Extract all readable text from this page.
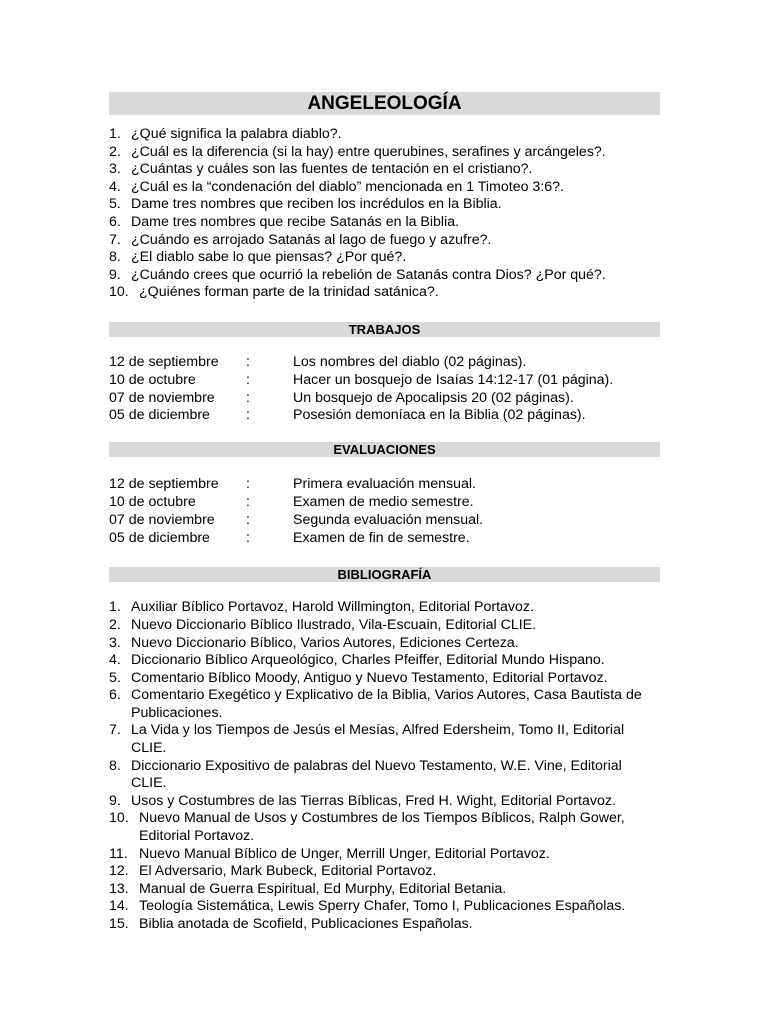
ANGELEOLOGÍA
1. ¿Qué significa la palabra diablo?.
2. ¿Cuál es la diferencia (si la hay) entre querubines, serafines y arcángeles?.
3. ¿Cuántas y cuáles son las fuentes de tentación en el cristiano?.
4. ¿Cuál es la “condenación del diablo” mencionada en 1 Timoteo 3:6?.
5. Dame tres nombres que reciben los incrédulos en la Biblia.
6. Dame tres nombres que recibe Satanás en la Biblia.
7. ¿Cuándo es arrojado Satanás al lago de fuego y azufre?.
8. ¿El diablo sabe lo que piensas? ¿Por qué?.
9. ¿Cuándo crees que ocurrió la rebelión de Satanás contra Dios? ¿Por qué?.
10. ¿Quiénes forman parte de la trinidad satánica?.
TRABAJOS
12 de septiembre	:	Los nombres del diablo (02 páginas).
10 de octubre	:	Hacer un bosquejo de Isaías 14:12-17 (01 página).
07 de noviembre	:	Un bosquejo de Apocalipsis 20 (02 páginas).
05 de diciembre	:	Posesión demoníaca en la Biblia (02 páginas).
EVALUACIONES
12 de septiembre	:	Primera evaluación mensual.
10 de octubre	:	Examen de medio semestre.
07 de noviembre	:	Segunda evaluación mensual.
05 de diciembre	:	Examen de fin de semestre.
BIBLIOGRAFÍA
1. Auxiliar Bíblico Portavoz, Harold Willmington, Editorial Portavoz.
2. Nuevo Diccionario Bíblico Ilustrado, Vila-Escuain, Editorial CLIE.
3. Nuevo Diccionario Bíblico, Varios Autores, Ediciones Certeza.
4. Diccionario Bíblico Arqueológico, Charles Pfeiffer, Editorial Mundo Hispano.
5. Comentario Bíblico Moody, Antiguo y Nuevo Testamento, Editorial Portavoz.
6. Comentario Exegético y Explicativo de la Biblia, Varios Autores, Casa Bautista de Publicaciones.
7. La Vida y los Tiempos de Jesús el Mesías, Alfred Edersheim, Tomo II, Editorial CLIE.
8. Diccionario Expositivo de palabras del Nuevo Testamento, W.E. Vine, Editorial CLIE.
9. Usos y Costumbres de las Tierras Bíblicas, Fred H. Wight, Editorial Portavoz.
10. Nuevo Manual de Usos y Costumbres de los Tiempos Bíblicos, Ralph Gower, Editorial Portavoz.
11. Nuevo Manual Bíblico de Unger, Merrill Unger, Editorial Portavoz.
12. El Adversario, Mark Bubeck, Editorial Portavoz.
13. Manual de Guerra Espiritual, Ed Murphy, Editorial Betania.
14. Teología Sistemática, Lewis Sperry Chafer, Tomo I, Publicaciones Españolas.
15. Biblia anotada de Scofield, Publicaciones Españolas.
